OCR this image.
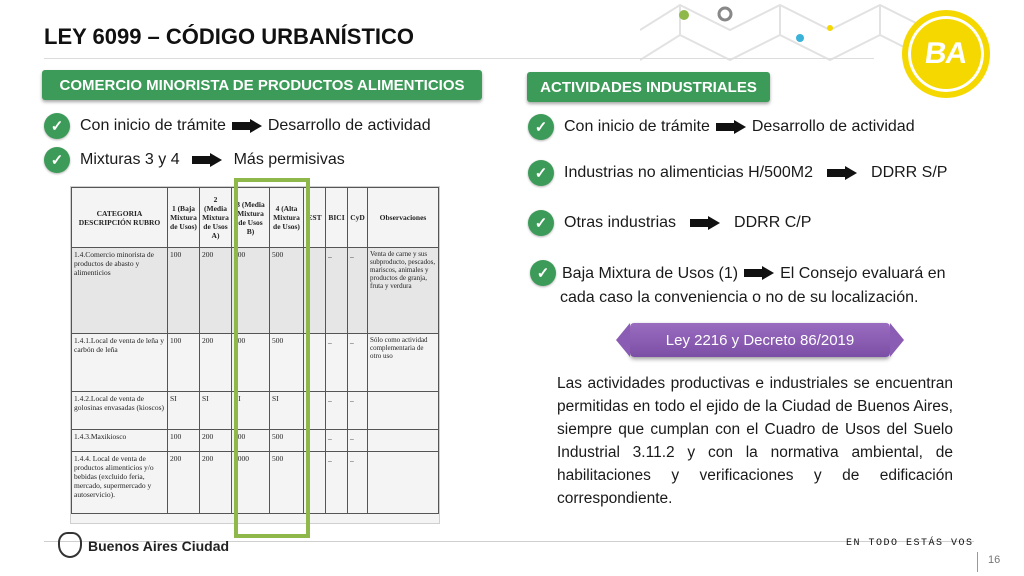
BA
LEY 6099 – CÓDIGO URBANÍSTICO
COMERCIO MINORISTA DE PRODUCTOS ALIMENTICIOS
✓	Con inicio de trámite	Desarrollo de actividad
✓	Mixturas 3 y 4	Más permisivas
CATEGORIA DESCRIPCIÓN RUBRO	1 (Baja Mixtura de Usos)	2 (Media Mixtura de Usos A)	3 (Media Mixtura de Usos B)	4 (Alta Mixtura de Usos)	EST	BICI	CyD	Observaciones
1.4.Comercio minorista de productos de abasto y alimenticios	100	200	200	500	_	_	_	Venta de carne y sus subproducto, pescados, mariscos, animales y productos de granja, fruta y verdura
1.4.1.Local de venta de leña y carbón de leña	100	200	200	500	_	_	_	Sólo como actividad complementaria de otro uso
1.4.2.Local de venta de golosinas envasadas (kioscos)	SI	SI	SI	SI	_	_	_	
1.4.3.Maxikiosco	100	200	200	500	_	_	_	
1.4.4. Local de venta de productos alimenticios y/o bebidas (excluido feria, mercado, supermercado y autoservicio).	200	200	1000	500	_	_	_	
ACTIVIDADES INDUSTRIALES
✓	Con inicio de trámite	Desarrollo de actividad
✓	Industrias no alimenticias H/500M2	DDRR S/P
✓	Otras industrias	DDRR C/P
✓ Baja Mixtura de Usos (1)	El Consejo evaluará en
cada caso la conveniencia o no de su localización.
Ley 2216 y Decreto 86/2019
Las actividades productivas e industriales se encuentran permitidas en todo el ejido de la Ciudad de Buenos Aires, siempre que cumplan con el Cuadro de Usos del Suelo Industrial 3.11.2 y con la normativa ambiental, de habilitaciones y verificaciones y de edificación correspondiente.
Buenos Aires Ciudad	EN TODO ESTÁS VOS
16
